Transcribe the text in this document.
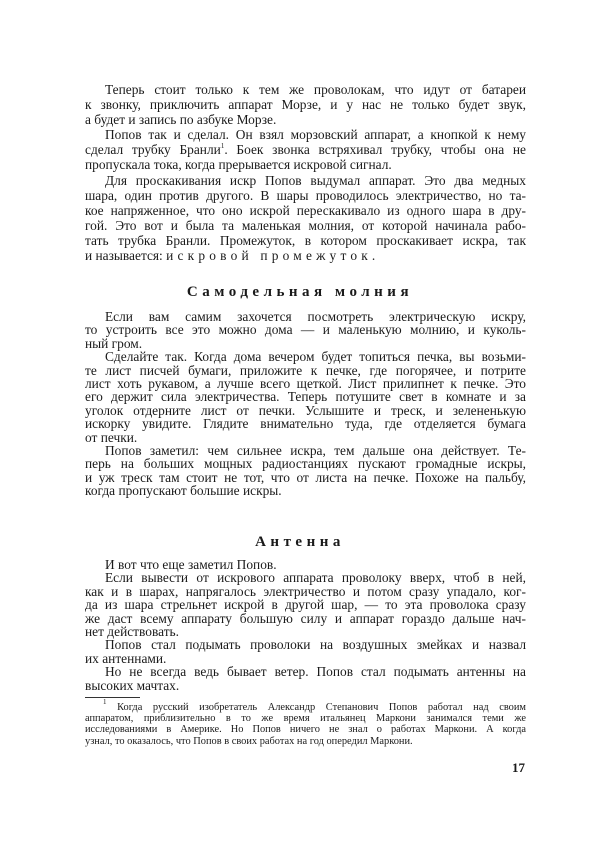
Теперь стоит только к тем же проволокам, что идут от батареи
к звонку, приключить аппарат Морзе, и у нас не только будет звук,
а будет и запись по азбуке Морзе.
Попов так и сделал. Он взял морзовский аппарат, а кнопкой к нему
сделал трубку Бранли$^1$. Боек звонка встряхивал трубку, чтобы она не
пропускала тока, когда прерывается искровой сигнал.
Для проскакивания искр Попов выдумал аппарат. Это два медных
шара, один против другого. В шары проводилось электричество, но та-
кое напряженное, что оно искрой перескакивало из одного шара в дру-
гой. Это вот и была та маленькая молния, от которой начинала рабо-
тать трубка Бранли. Промежуток, в котором проскакивает искра, так
и называется: искровой промежуток.
Самодельная молния
Если вам самим захочется посмотреть электрическую искру,
то устроить все это можно дома — и маленькую молнию, и куколь-
ный гром.
Сделайте так. Когда дома вечером будет топиться печка, вы возьми-
те лист писчей бумаги, приложите к печке, где погорячее, и потрите
лист хоть рукавом, а лучше всего щеткой. Лист прилипнет к печке. Это
его держит сила электричества. Теперь потушите свет в комнате и за
уголок отдерните лист от печки. Услышите и треск, и зелененькую
искорку увидите. Глядите внимательно туда, где отделяется бумага
от печки.
Попов заметил: чем сильнее искра, тем дальше она действует. Те-
перь на больших мощных радиостанциях пускают громадные искры,
и уж треск там стоит не тот, что от листа на печке. Похоже на пальбу,
когда пропускают большие искры.
Антенна
И вот что еще заметил Попов.
Если вывести от искрового аппарата проволоку вверх, чтоб в ней,
как и в шарах, напрягалось электричество и потом сразу упадало, ког-
да из шара стрельнет искрой в другой шар, — то эта проволока сразу
же даст всему аппарату большую силу и аппарат гораздо дальше нач-
нет действовать.
Попов стал подымать проволоки на воздушных змейках и назвал
их антеннами.
Но не всегда ведь бывает ветер. Попов стал подымать антенны на
высоких мачтах.
$^1$ Когда русский изобретатель Александр Степанович Попов работал над своим
аппаратом, приблизительно в то же время итальянец Маркони занимался теми же
исследованиями в Америке. Но Попов ничего не знал о работах Маркони. А когда
узнал, то оказалось, что Попов в своих работах на год опередил Маркони.
17
